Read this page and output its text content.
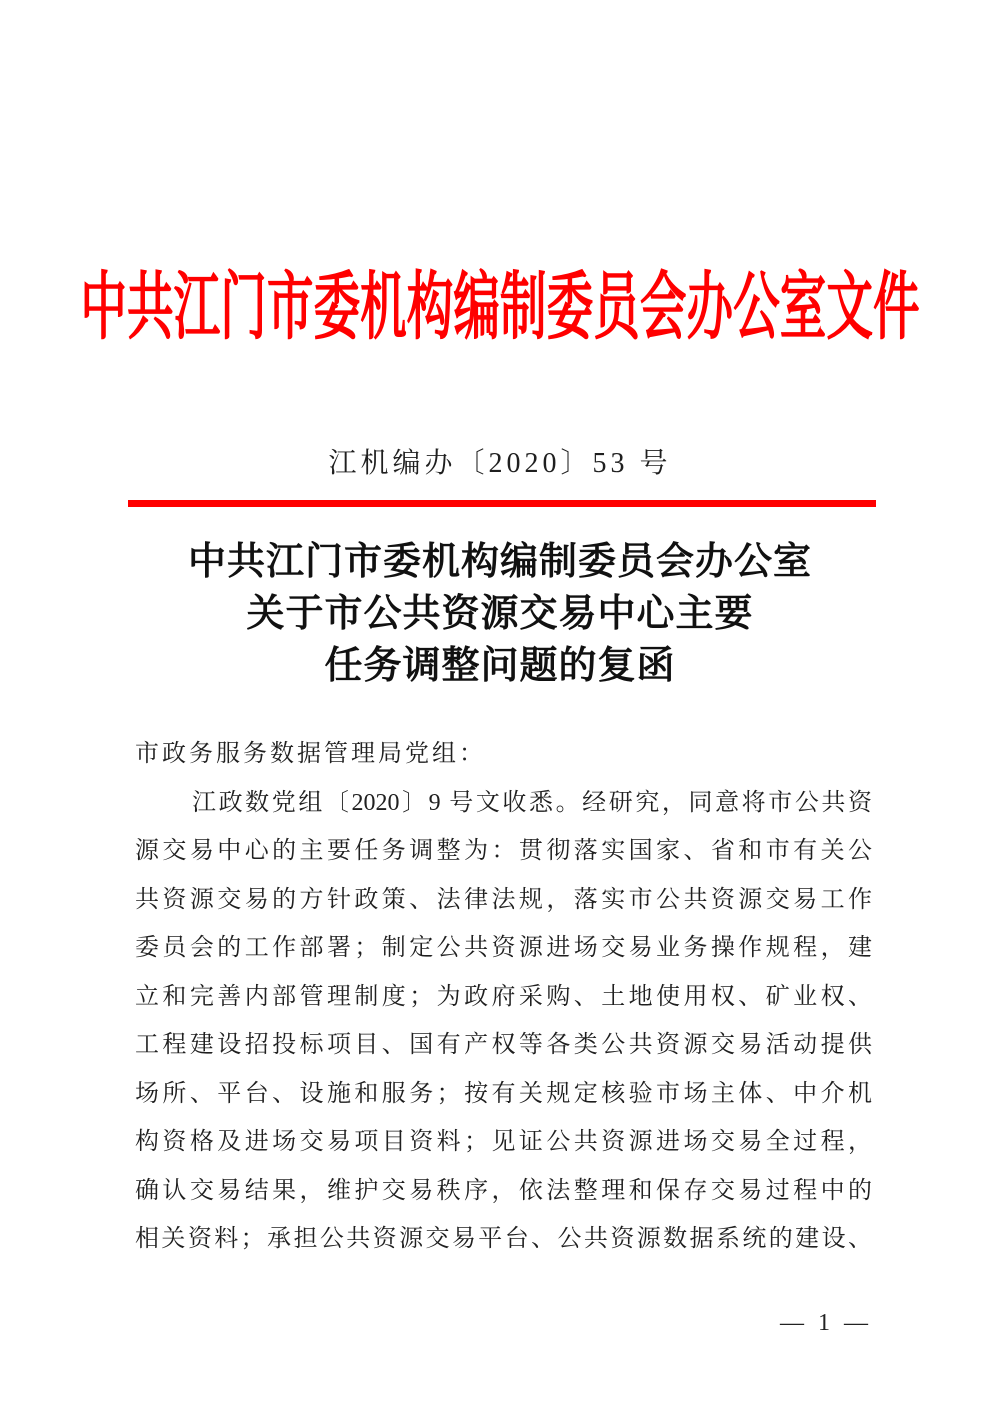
中共江门市委机构编制委员会办公室文件
江机编办〔2020〕53 号
中共江门市委机构编制委员会办公室
关于市公共资源交易中心主要
任务调整问题的复函
市政务服务数据管理局党组：
江政数党组〔2020〕9 号文收悉。经研究，同意将市公共资
源交易中心的主要任务调整为：贯彻落实国家、省和市有关公
共资源交易的方针政策、法律法规，落实市公共资源交易工作
委员会的工作部署；制定公共资源进场交易业务操作规程，建
立和完善内部管理制度；为政府采购、土地使用权、矿业权、
工程建设招投标项目、国有产权等各类公共资源交易活动提供
场所、平台、设施和服务；按有关规定核验市场主体、中介机
构资格及进场交易项目资料；见证公共资源进场交易全过程，
确认交易结果，维护交易秩序，依法整理和保存交易过程中的
相关资料；承担公共资源交易平台、公共资源数据系统的建设、
— 1 —
